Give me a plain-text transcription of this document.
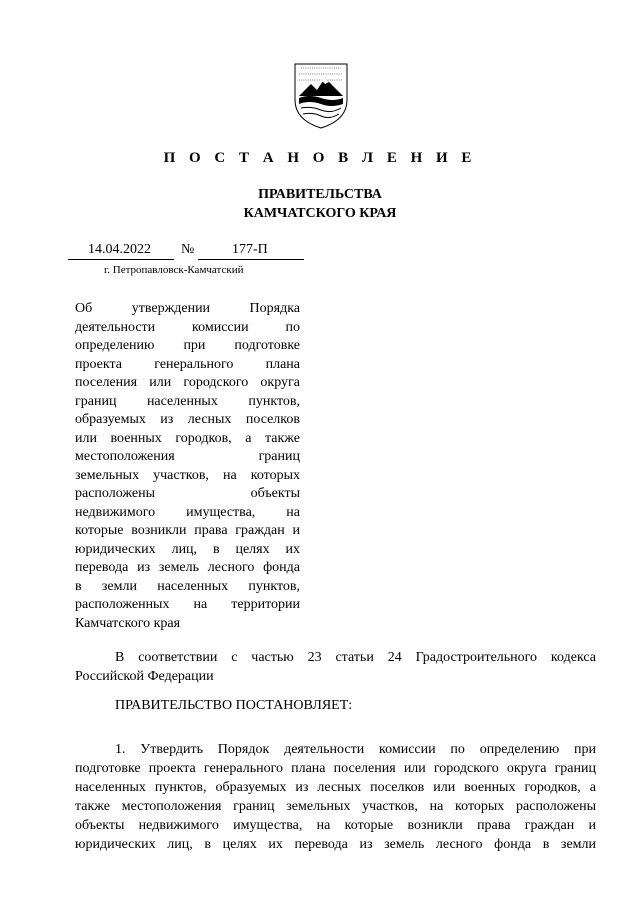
П О С Т А Н О В Л Е Н И Е
ПРАВИТЕЛЬСТВА
КАМЧАТСКОГО КРАЯ
14.04.2022 №	177-П
г. Петропавловск-Камчатский
Об утверждении Порядка
деятельности комиссии по
определению при подготовке
проекта генерального плана
поселения или городского округа
границ населенных пунктов,
образуемых из лесных поселков
или военных городков, а также
местоположения границ
земельных участков, на которых
расположены объекты
недвижимого имущества, на
которые возникли права граждан и
юридических лиц, в целях их
перевода из земель лесного фонда
в земли населенных пунктов,
расположенных на территории
Камчатского края
В соответствии с частью 23 статьи 24 Градостроительного кодекса
Российской Федерации
ПРАВИТЕЛЬСТВО ПОСТАНОВЛЯЕТ:
1. Утвердить Порядок деятельности комиссии по определению при
подготовке проекта генерального плана поселения или городского округа границ
населенных пунктов, образуемых из лесных поселков или военных городков, а
также местоположения границ земельных участков, на которых расположены
объекты недвижимого имущества, на которые возникли права граждан и
юридических лиц, в целях их перевода из земель лесного фонда в земли
